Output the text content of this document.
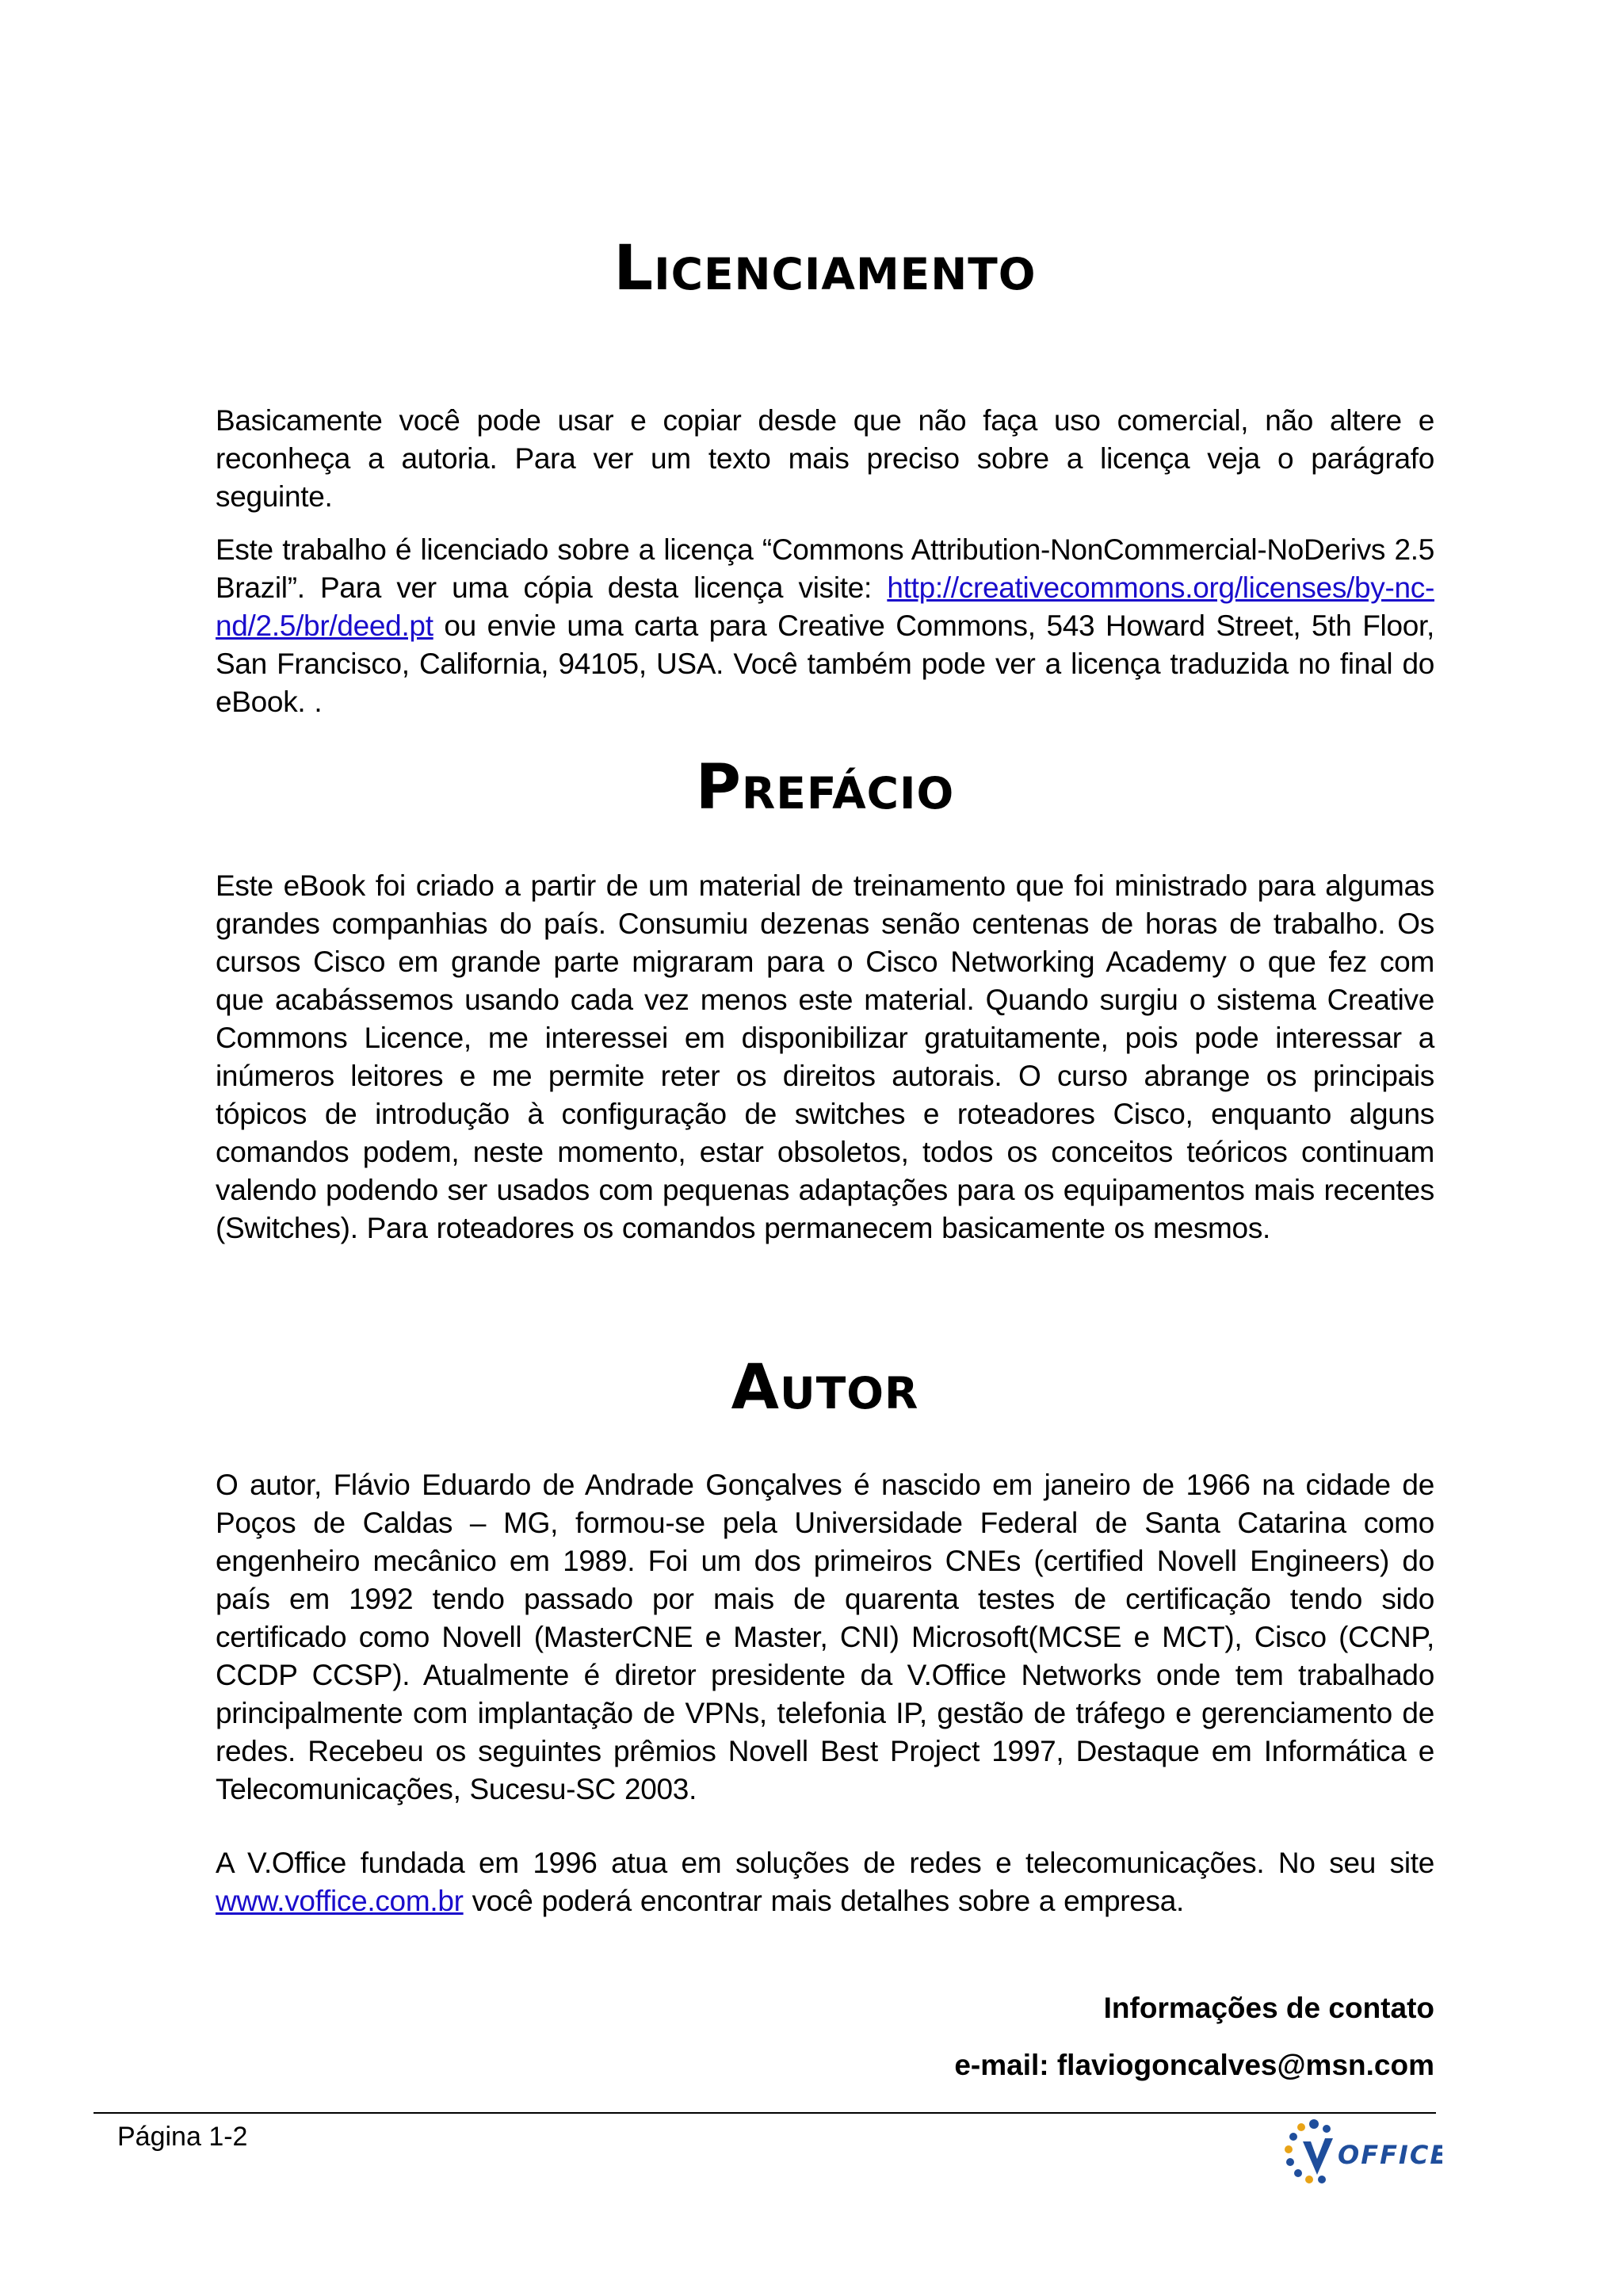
Licenciamento

Basicamente você pode usar e copiar desde que não faça uso comercial, não altere e reconheça a autoria. Para ver um texto mais preciso sobre a licença veja o parágrafo seguinte.

Este trabalho é licenciado sobre a licença “Commons Attribution-NonCommercial-NoDerivs 2.5 Brazil”. Para ver uma cópia desta licença visite: http://creativecommons.org/licenses/by-nc-nd/2.5/br/deed.pt ou envie uma carta para Creative Commons, 543 Howard Street, 5th Floor, San Francisco, California, 94105, USA. Você também pode ver a licença traduzida no final do eBook. .

Prefácio

Este eBook foi criado a partir de um material de treinamento que foi ministrado para algumas grandes companhias do país. Consumiu dezenas senão centenas de horas de trabalho. Os cursos Cisco em grande parte migraram para o Cisco Networking Academy o que fez com que acabássemos usando cada vez menos este material. Quando surgiu o sistema Creative Commons Licence, me interessei em disponibilizar gratuitamente, pois pode interessar a inúmeros leitores e me permite reter os direitos autorais. O curso abrange os principais tópicos de introdução à configuração de switches e roteadores Cisco, enquanto alguns comandos podem, neste momento, estar obsoletos, todos os conceitos teóricos continuam valendo podendo ser usados com pequenas adaptações para os equipamentos mais recentes (Switches). Para roteadores os comandos permanecem basicamente os mesmos.

Autor

O autor, Flávio Eduardo de Andrade Gonçalves é nascido em janeiro de 1966 na cidade de Poços de Caldas – MG, formou-se pela Universidade Federal de Santa Catarina como engenheiro mecânico em 1989. Foi um dos primeiros CNEs (certified Novell Engineers) do país em 1992 tendo passado por mais de quarenta testes de certificação tendo sido certificado como Novell (MasterCNE e Master, CNI) Microsoft(MCSE e MCT), Cisco (CCNP, CCDP CCSP). Atualmente é diretor presidente da V.Office Networks onde tem trabalhado principalmente com implantação de VPNs, telefonia IP, gestão de tráfego e gerenciamento de redes. Recebeu os seguintes prêmios Novell Best Project 1997, Destaque em Informática e Telecomunicações, Sucesu-SC 2003.

A V.Office fundada em 1996 atua em soluções de redes e telecomunicações. No seu site www.voffice.com.br você poderá encontrar mais detalhes sobre a empresa.

Informações de contato
e-mail: flaviogoncalves@msn.com
Página 1-2
OFFICE
